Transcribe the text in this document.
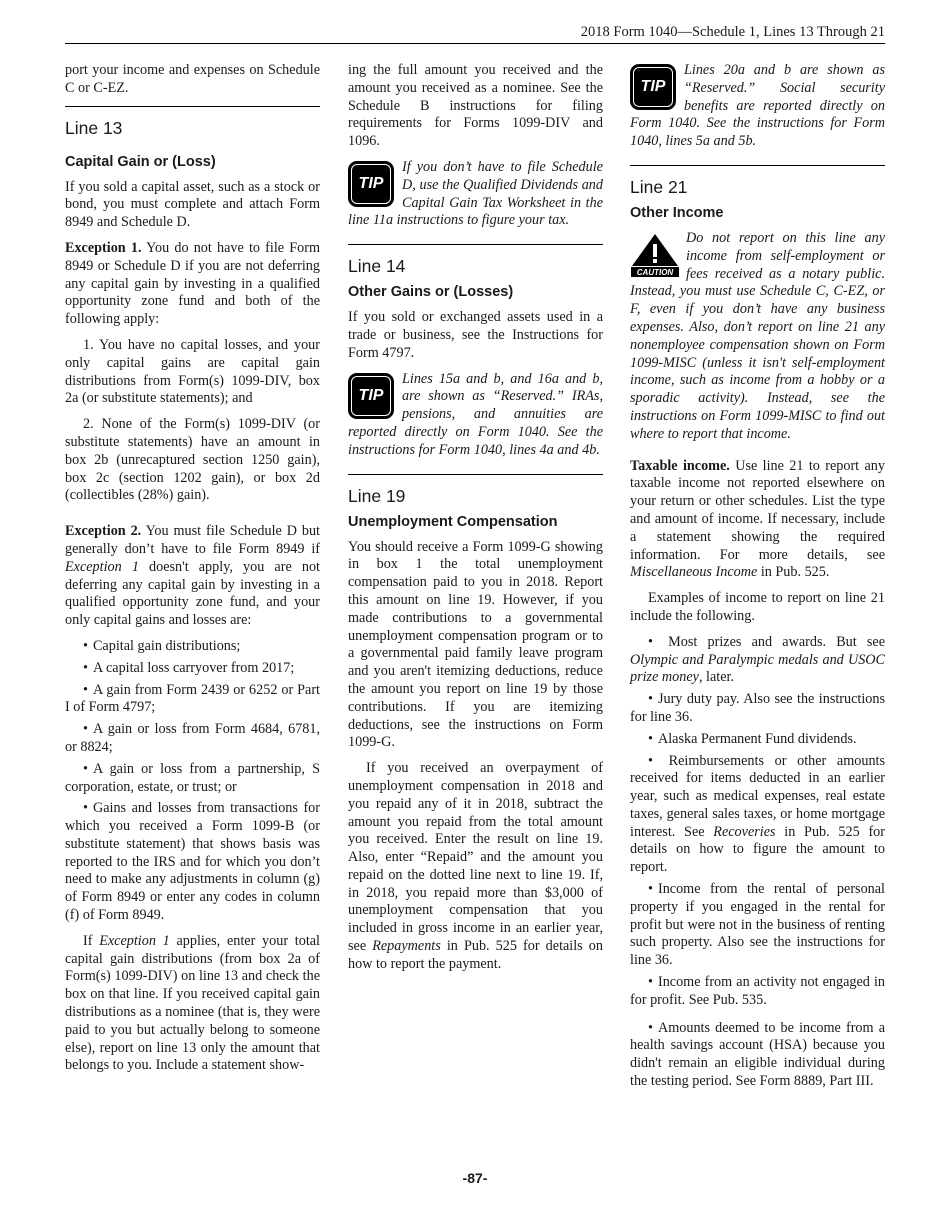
2018 Form 1040—Schedule 1, Lines 13 Through 21

port your income and expenses on Schedule C or C-EZ.

Line 13
Capital Gain or (Loss)

If you sold a capital asset, such as a stock or bond, you must complete and attach Form 8949 and Schedule D.

Exception 1. You do not have to file Form 8949 or Schedule D if you are not deferring any capital gain by investing in a qualified opportunity zone fund and both of the following apply:

1. You have no capital losses, and your only capital gains are capital gain distributions from Form(s) 1099-DIV, box 2a (or substitute statements); and

2. None of the Form(s) 1099-DIV (or substitute statements) have an amount in box 2b (unrecaptured section 1250 gain), box 2c (section 1202 gain), or box 2d (collectibles (28%) gain).

Exception 2. You must file Schedule D but generally don’t have to file Form 8949 if Exception 1 doesn't apply, you are not deferring any capital gain by investing in a qualified opportunity zone fund, and your only capital gains and losses are:

• Capital gain distributions;

• A capital loss carryover from 2017;

• A gain from Form 2439 or 6252 or Part I of Form 4797;

• A gain or loss from Form 4684, 6781, or 8824;

• A gain or loss from a partnership, S corporation, estate, or trust; or

• Gains and losses from transactions for which you received a Form 1099-B (or substitute statement) that shows basis was reported to the IRS and for which you don’t need to make any adjustments in column (g) of Form 8949 or enter any codes in column (f) of Form 8949.

If Exception 1 applies, enter your total capital gain distributions (from box 2a of Form(s) 1099-DIV) on line 13 and check the box on that line. If you received capital gain distributions as a nominee (that is, they were paid to you but actually belong to someone else), report on line 13 only the amount that belongs to you. Include a statement show-

ing the full amount you received and the amount you received as a nominee. See the Schedule B instructions for filing requirements for Forms 1099-DIV and 1096.

TIP
If you don’t have to file Schedule D, use the Qualified Dividends and Capital Gain Tax Worksheet in the line 11a instructions to figure your tax.
Line 14
Other Gains or (Losses)

If you sold or exchanged assets used in a trade or business, see the Instructions for Form 4797.

TIP
Lines 15a and b, and 16a and b, are shown as “Reserved.” IRAs, pensions, and annuities are reported directly on Form 1040. See the instructions for Form 1040, lines 4a and 4b.
Line 19
Unemployment Compensation

You should receive a Form 1099-G showing in box 1 the total unemployment compensation paid to you in 2018. Report this amount on line 19. However, if you made contributions to a governmental unemployment compensation program or to a governmental paid family leave program and you aren't itemizing deductions, reduce the amount you report on line 19 by those contributions. If you are itemizing deductions, see the instructions on Form 1099-G.

If you received an overpayment of unemployment compensation in 2018 and you repaid any of it in 2018, subtract the amount you repaid from the total amount you received. Enter the result on line 19. Also, enter “Repaid” and the amount you repaid on the dotted line next to line 19. If, in 2018, you repaid more than $3,000 of unemployment compensation that you included in gross income in an earlier year, see Repayments in Pub. 525 for details on how to report the payment.

TIP
Lines 20a and b are shown as “Reserved.” Social security benefits are reported directly on Form 1040. See the instructions for Form 1040, lines 5a and 5b.
Line 21
Other Income
CAUTION
Do not report on this line any income from self-employment or fees received as a notary public. Instead, you must use Schedule C, C-EZ, or F, even if you don’t have any business expenses. Also, don’t report on line 21 any nonemployee compensation shown on Form 1099-MISC (unless it isn't self-employment income, such as income from a hobby or a sporadic activity). Instead, see the instructions on Form 1099-MISC to find out where to report that income.

Taxable income. Use line 21 to report any taxable income not reported elsewhere on your return or other schedules. List the type and amount of income. If necessary, include a statement showing the required information. For more details, see Miscellaneous Income in Pub. 525.

Examples of income to report on line 21 include the following.

• Most prizes and awards. But see Olympic and Paralympic medals and USOC prize money, later.

• Jury duty pay. Also see the instructions for line 36.

• Alaska Permanent Fund dividends.

• Reimbursements or other amounts received for items deducted in an earlier year, such as medical expenses, real estate taxes, general sales taxes, or home mortgage interest. See Recoveries in Pub. 525 for details on how to figure the amount to report.

• Income from the rental of personal property if you engaged in the rental for profit but were not in the business of renting such property. Also see the instructions for line 36.

• Income from an activity not engaged in for profit. See Pub. 535.

• Amounts deemed to be income from a health savings account (HSA) because you didn't remain an eligible individual during the testing period. See Form 8889, Part III.

-87-
